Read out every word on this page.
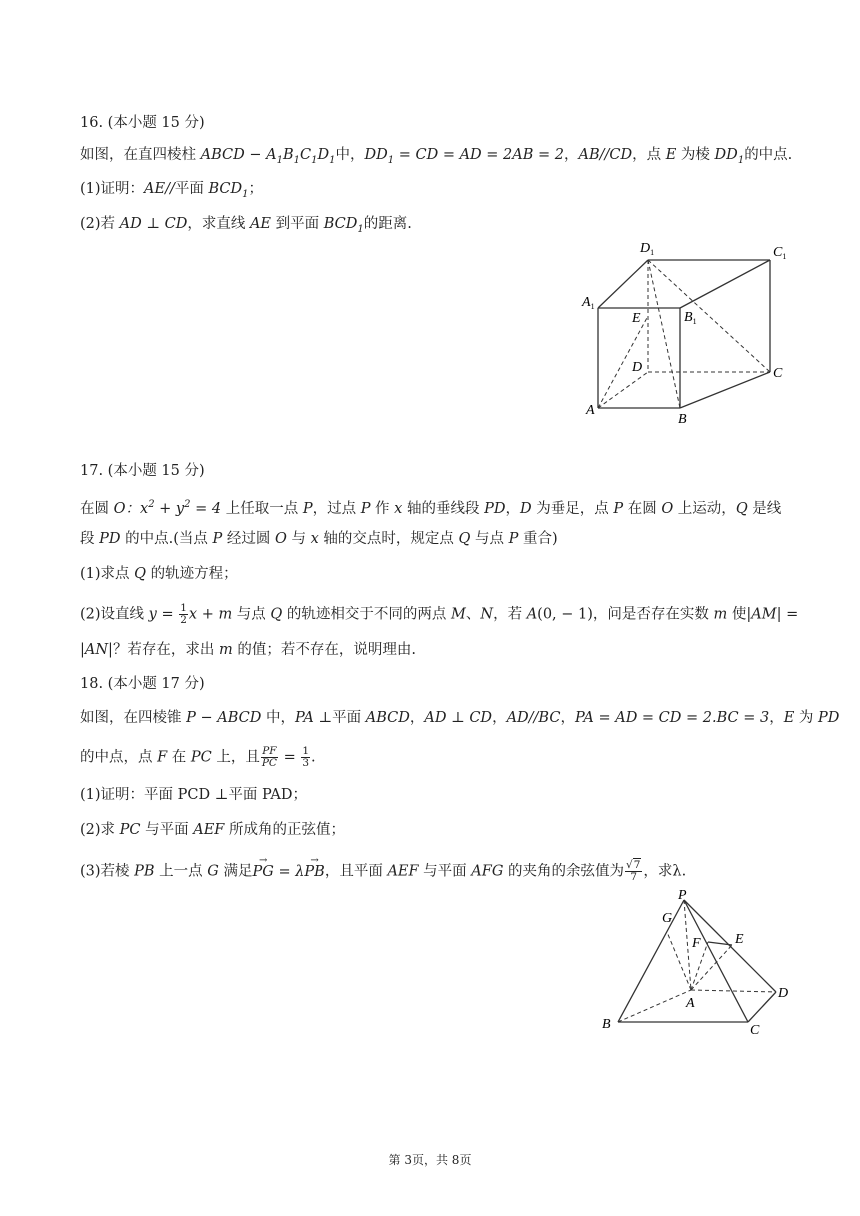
16. (本小题 15 分)
如图，在直四棱柱 ABCD − $A_1B_1C_1D_1$中，$DD_1$ = CD = AD = 2AB = 2，AB//CD，点 E 为棱 $DD_1$的中点.
(1)证明：AE//平面 $BCD_1$；
(2)若 AD ⊥ CD，求直线 AE 到平面 $BCD_1$的距离.
$D_1$	$C_1$
$A_1$
$B_1$
E
D	C
A
B
17. (本小题 15 分)
在圆 O：$x^2 + y^2 = 4$ 上任取一点 P，过点 P 作 x 轴的垂线段 PD，D 为垂足，点 P 在圆 O 上运动，Q 是线
段 PD 的中点.(当点 P 经过圆 O 与 x 轴的交点时，规定点 Q 与点 P 重合)
(1)求点 Q 的轨迹方程；
(2)设直线 $y = \frac{1}{2}$ x + m 与点 Q 的轨迹相交于不同的两点 M、N，若 A(0, − 1)，问是否存在实数 m 使|AM| =
|AN|？若存在，求出 m 的值；若不存在，说明理由.
18. (本小题 17 分)
如图，在四棱锥 P − ABCD 中，PA ⊥平面 ABCD，AD ⊥ CD，AD//BC，PA = AD = CD = 2.BC = 3，E 为 PD
的中点，点 F 在 PC 上，且 $\frac{PF}{PC} = \frac{1}{3}$ .
(1)证明：平面 PCD ⊥平面 PAD；
(2)求 PC 与平面 AEF 所成角的正弦值；
(3)若棱 PB 上一点 G 满足→ PG = λ→ PB，且平面 AEF 与平面 AFG 的夹角的余弦值为 $\frac{√7}{7}$ ，求λ.
P
G
F E
A
D
B	C
第 3页，共 8页
